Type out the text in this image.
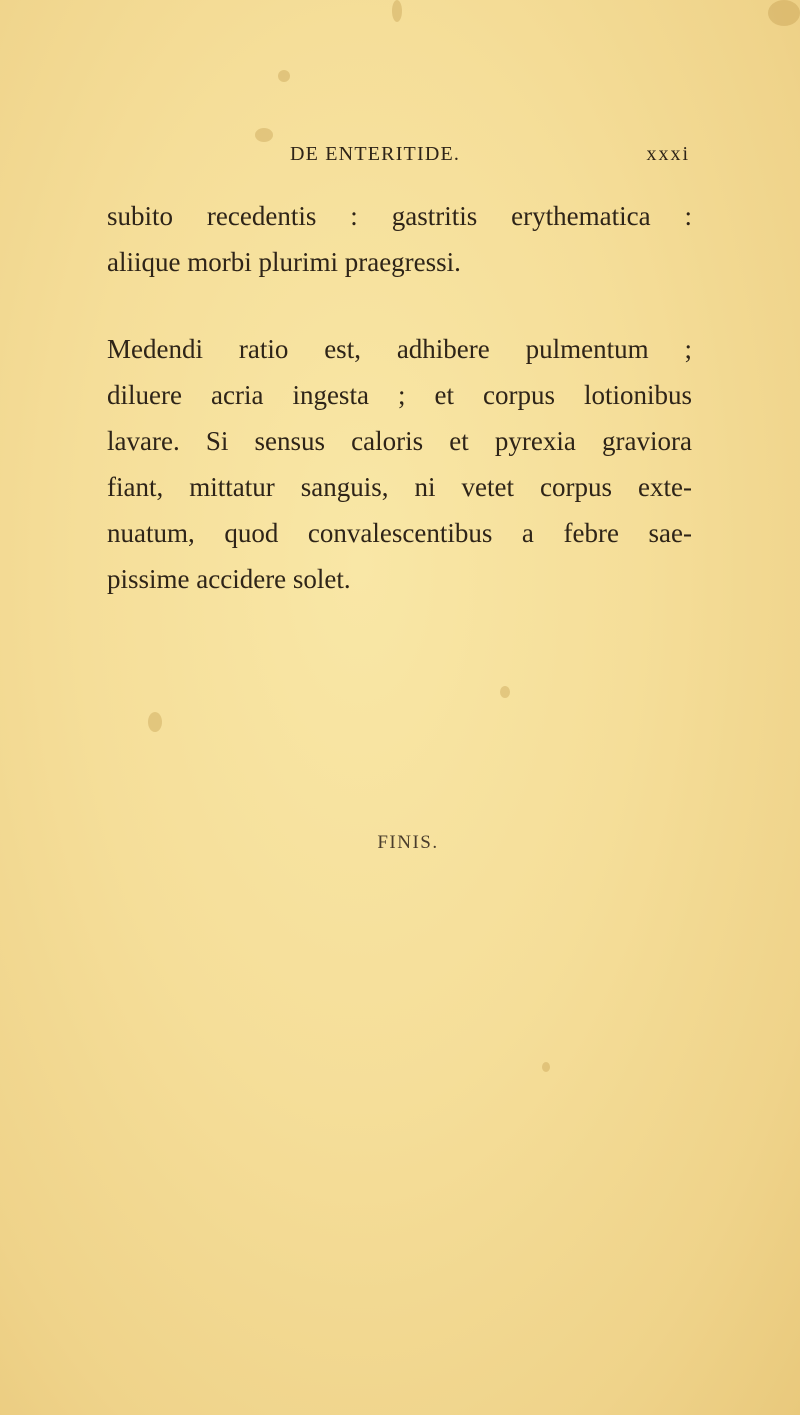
DE ENTERITIDE.	xxxi
subito recedentis : gastritis erythematica :
aliique morbi plurimi praegressi.
Medendi ratio est, adhibere pulmentum ;
diluere acria ingesta ; et corpus lotionibus
lavare. Si sensus caloris et pyrexia graviora
fiant, mittatur sanguis, ni vetet corpus exte-
nuatum, quod convalescentibus a febre sae-
pissime accidere solet.
FINIS.
